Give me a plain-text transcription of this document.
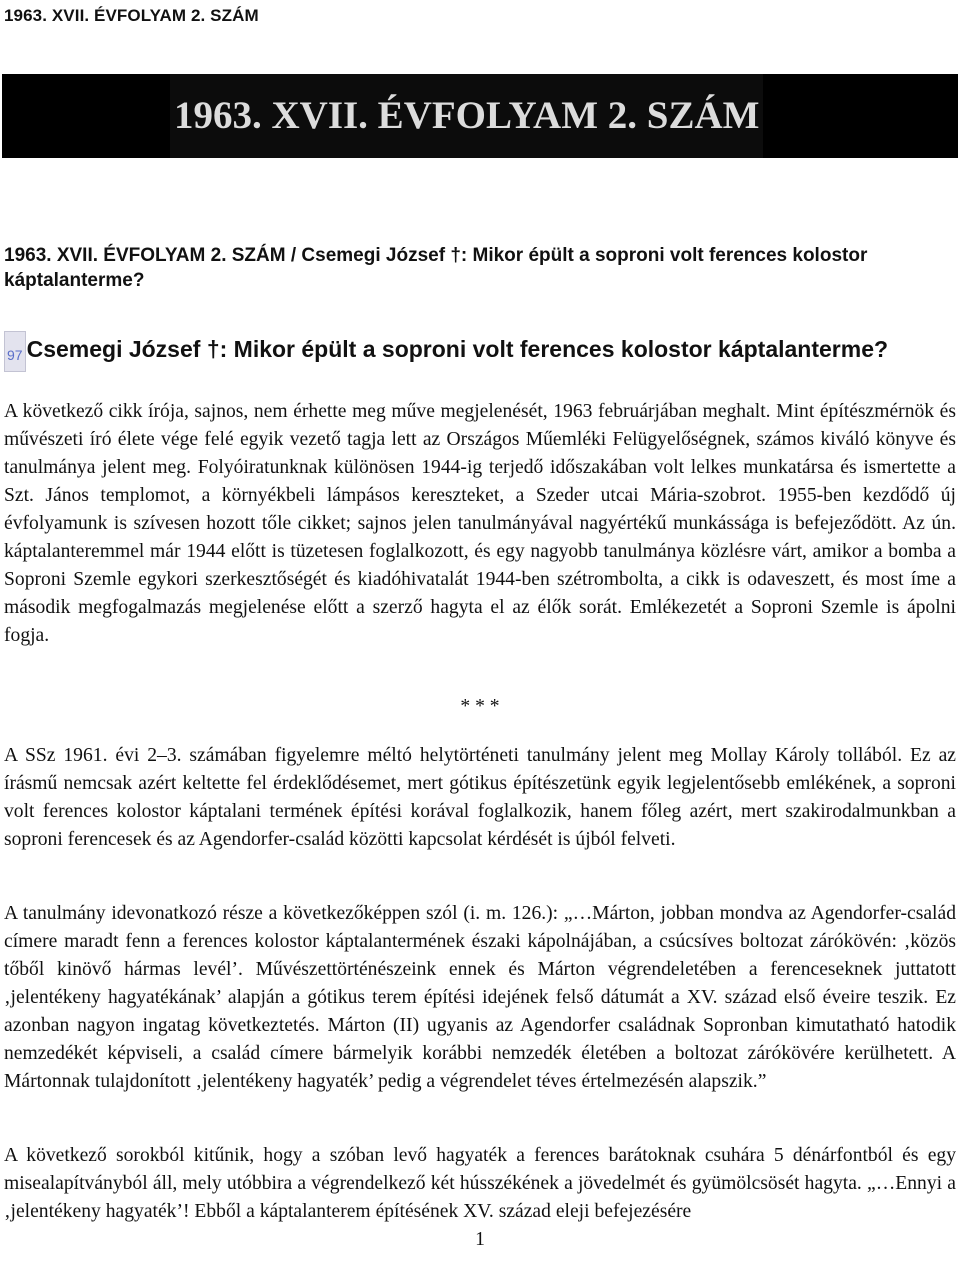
1963. XVII. ÉVFOLYAM 2. SZÁM
1963. XVII. ÉVFOLYAM 2. SZÁM
1963. XVII. ÉVFOLYAM 2. SZÁM / Csemegi József †: Mikor épült a soproni volt ferences kolostor káptalanterme?
97 Csemegi József †: Mikor épült a soproni volt ferences kolostor káptalanterme?

A következő cikk írója, sajnos, nem érhette meg műve megjelenését, 1963 februárjában meghalt. Mint építészmérnök és művészeti író élete vége felé egyik vezető tagja lett az Országos Műemléki Felügyelőségnek, számos kiváló könyve és tanulmánya jelent meg. Folyóiratunknak különösen 1944-ig terjedő időszakában volt lelkes munkatársa és ismertette a Szt. János templomot, a környékbeli lámpásos kereszteket, a Szeder utcai Mária-szobrot. 1955-ben kezdődő új évfolyamunk is szívesen hozott tőle cikket; sajnos jelen tanulmányával nagyértékű munkássága is befejeződött. Az ún. káptalanteremmel már 1944 előtt is tüzetesen foglalkozott, és egy nagyobb tanulmánya közlésre várt, amikor a bomba a Soproni Szemle egykori szerkesztőségét és kiadóhivatalát 1944-ben szétrombolta, a cikk is odaveszett, és most íme a második megfogalmazás megjelenése előtt a szerző hagyta el az élők sorát. Emlékezetét a Soproni Szemle is ápolni fogja.

* * *

A SSz 1961. évi 2–3. számában figyelemre méltó helytörténeti tanulmány jelent meg Mollay Károly tollából. Ez az írásmű nemcsak azért keltette fel érdeklődésemet, mert gótikus építészetünk egyik legjelentősebb emlékének, a soproni volt ferences kolostor káptalani termének építési korával foglalkozik, hanem főleg azért, mert szakirodalmunkban a soproni ferencesek és az Agendorfer-család közötti kapcsolat kérdését is újból felveti.

A tanulmány idevonatkozó része a következőképpen szól (i. m. 126.): „…Márton, jobban mondva az Agendorfer-család címere maradt fenn a ferences kolostor káptalantermének északi kápolnájában, a csúcsíves boltozat zárókövén: ‚közös tőből kinövő hármas levél’. Művészettörténészeink ennek és Márton végrendeletében a ferenceseknek juttatott ‚jelentékeny hagyatékának’ alapján a gótikus terem építési idejének felső dátumát a XV. század első éveire teszik. Ez azonban nagyon ingatag következtetés. Márton (II) ugyanis az Agendorfer családnak Sopronban kimutatható hatodik nemzedékét képviseli, a család címere bármelyik korábbi nemzedék életében a boltozat zárókövére kerülhetett. A Mártonnak tulajdonított ‚jelentékeny hagyaték’ pedig a végrendelet téves értelmezésén alapszik.”

A következő sorokból kitűnik, hogy a szóban levő hagyaték a ferences barátoknak csuhára 5 dénárfontból és egy misealapítványból áll, mely utóbbira a végrendelkező két hússzékének a jövedelmét és gyümölcsösét hagyta. „…Ennyi a ‚jelentékeny hagyaték’! Ebből a káptalanterem építésének XV. század eleji befejezésére

1
